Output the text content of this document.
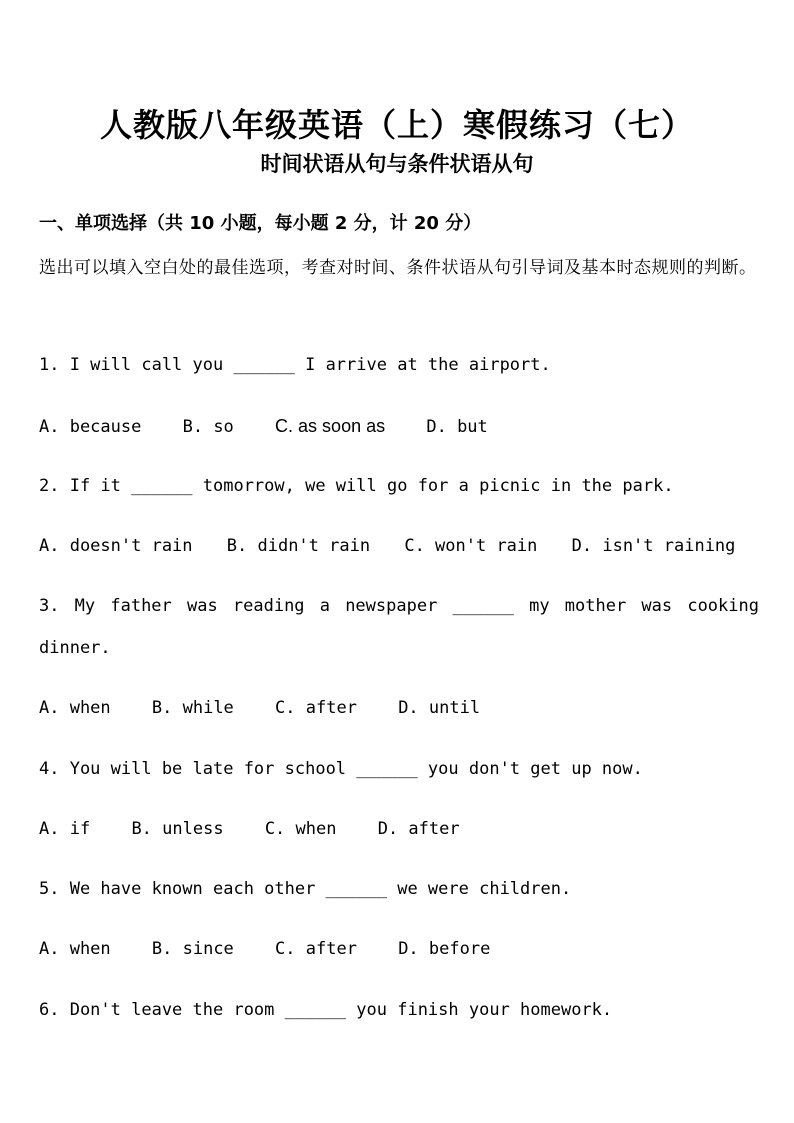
人教版八年级英语（上）寒假练习（七）
时间状语从句与条件状语从句
一、单项选择（共 10 小题，每小题 2 分，计 20 分）
选出可以填入空白处的最佳选项，考查对时间、条件状语从句引导词及基本时态规则的判断。
1. I will call you ______ I arrive at the airport.
A. because B. so C. as soon as D. but
2. If it ______ tomorrow, we will go for a picnic in the park.
A. doesn't rain B. didn't rain C. won't rain D. isn't raining
3. My father was reading a newspaper ______ my mother was cooking
dinner.
A. when B. while C. after D. until
4. You will be late for school ______ you don't get up now.
A. if B. unless C. when D. after
5. We have known each other ______ we were children.
A. when B. since C. after D. before
6. Don't leave the room ______ you finish your homework.
